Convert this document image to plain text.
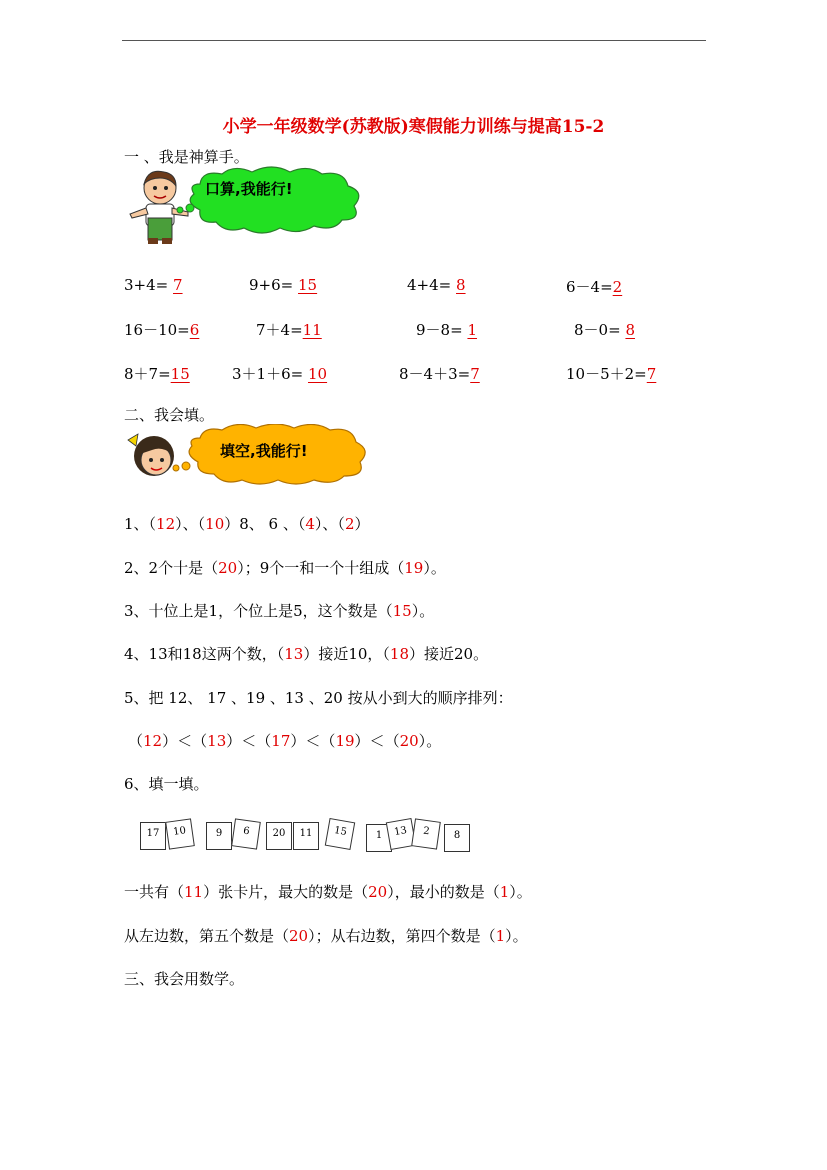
小学一年级数学(苏教版)寒假能力训练与提高15-2
一 、我是神算手。
口算,我能行!
3+4= 7	9+6= 15	4+4= 8	6－4=2
16－10=6	7＋4=11	9－8= 1	8－0= 8
8＋7=15	3＋1＋6= 10	8－4＋3=7	10－5＋2=7
二、我会填。
填空,我能行!
1、（12）、（10）8、 6 、（4）、（2）
2、2个十是（20）；9个一和一个十组成（19）。
3、十位上是1，个位上是5，这个数是（15）。
4、13和18这两个数，（13）接近10，（18）接近20。
5、把 12、 17 、19 、13 、20 按从小到大的顺序排列：
（12）＜（13）＜（17）＜（19）＜（20）。
6、填一填。
17	10	9	6	20	11	15	1	13	2	8
一共有（11）张卡片，最大的数是（20），最小的数是（1）。
从左边数，第五个数是（20）；从右边数，第四个数是（1）。
三、我会用数学。
